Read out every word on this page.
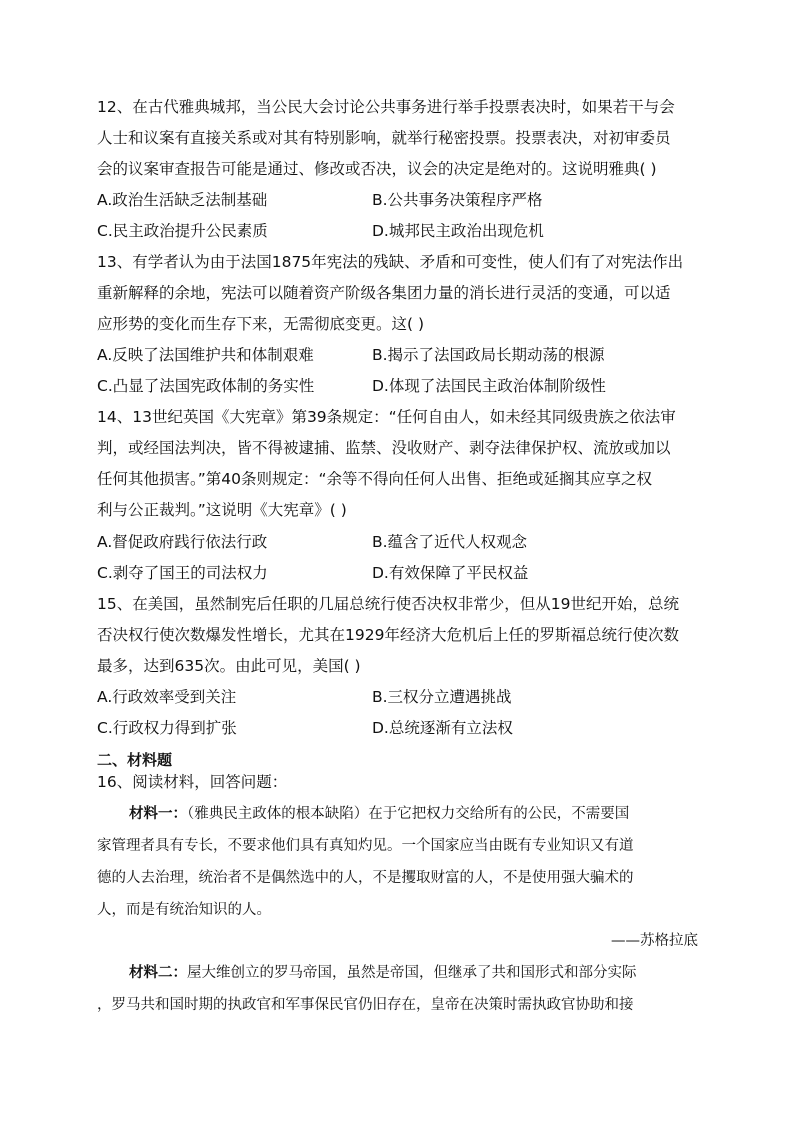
12、在古代雅典城邦，当公民大会讨论公共事务进行举手投票表决时，如果若干与会
人士和议案有直接关系或对其有特别影响，就举行秘密投票。投票表决，对初审委员
会的议案审查报告可能是通过、修改或否决，议会的决定是绝对的。这说明雅典( )
A.政治生活缺乏法制基础	B.公共事务决策程序严格
C.民主政治提升公民素质	D.城邦民主政治出现危机
13、有学者认为由于法国1875年宪法的残缺、矛盾和可变性，使人们有了对宪法作出
重新解释的余地，宪法可以随着资产阶级各集团力量的消长进行灵活的变通，可以适
应形势的变化而生存下来，无需彻底变更。这( )
A.反映了法国维护共和体制艰难	B.揭示了法国政局长期动荡的根源
C.凸显了法国宪政体制的务实性	D.体现了法国民主政治体制阶级性
14、13世纪英国《大宪章》第39条规定：“任何自由人，如未经其同级贵族之依法审
判，或经国法判决，皆不得被逮捕、监禁、没收财产、剥夺法律保护权、流放或加以
任何其他损害。”第40条则规定：“余等不得向任何人出售、拒绝或延搁其应享之权
利与公正裁判。”这说明《大宪章》( )
A.督促政府践行依法行政	B.蕴含了近代人权观念
C.剥夺了国王的司法权力	D.有效保障了平民权益
15、在美国，虽然制宪后任职的几届总统行使否决权非常少，但从19世纪开始，总统
否决权行使次数爆发性增长，尤其在1929年经济大危机后上任的罗斯福总统行使次数
最多，达到635次。由此可见，美国( )
A.行政效率受到关注	B.三权分立遭遇挑战
C.行政权力得到扩张	D.总统逐渐有立法权
二、材料题
16、阅读材料，回答问题：
材料一：（雅典民主政体的根本缺陷）在于它把权力交给所有的公民，不需要国
家管理者具有专长，不要求他们具有真知灼见。一个国家应当由既有专业知识又有道
德的人去治理，统治者不是偶然选中的人，不是攫取财富的人，不是使用强大骗术的
人，而是有统治知识的人。
——苏格拉底
材料二：屋大维创立的罗马帝国，虽然是帝国，但继承了共和国形式和部分实际
，罗马共和国时期的执政官和军事保民官仍旧存在，皇帝在决策时需执政官协助和接
